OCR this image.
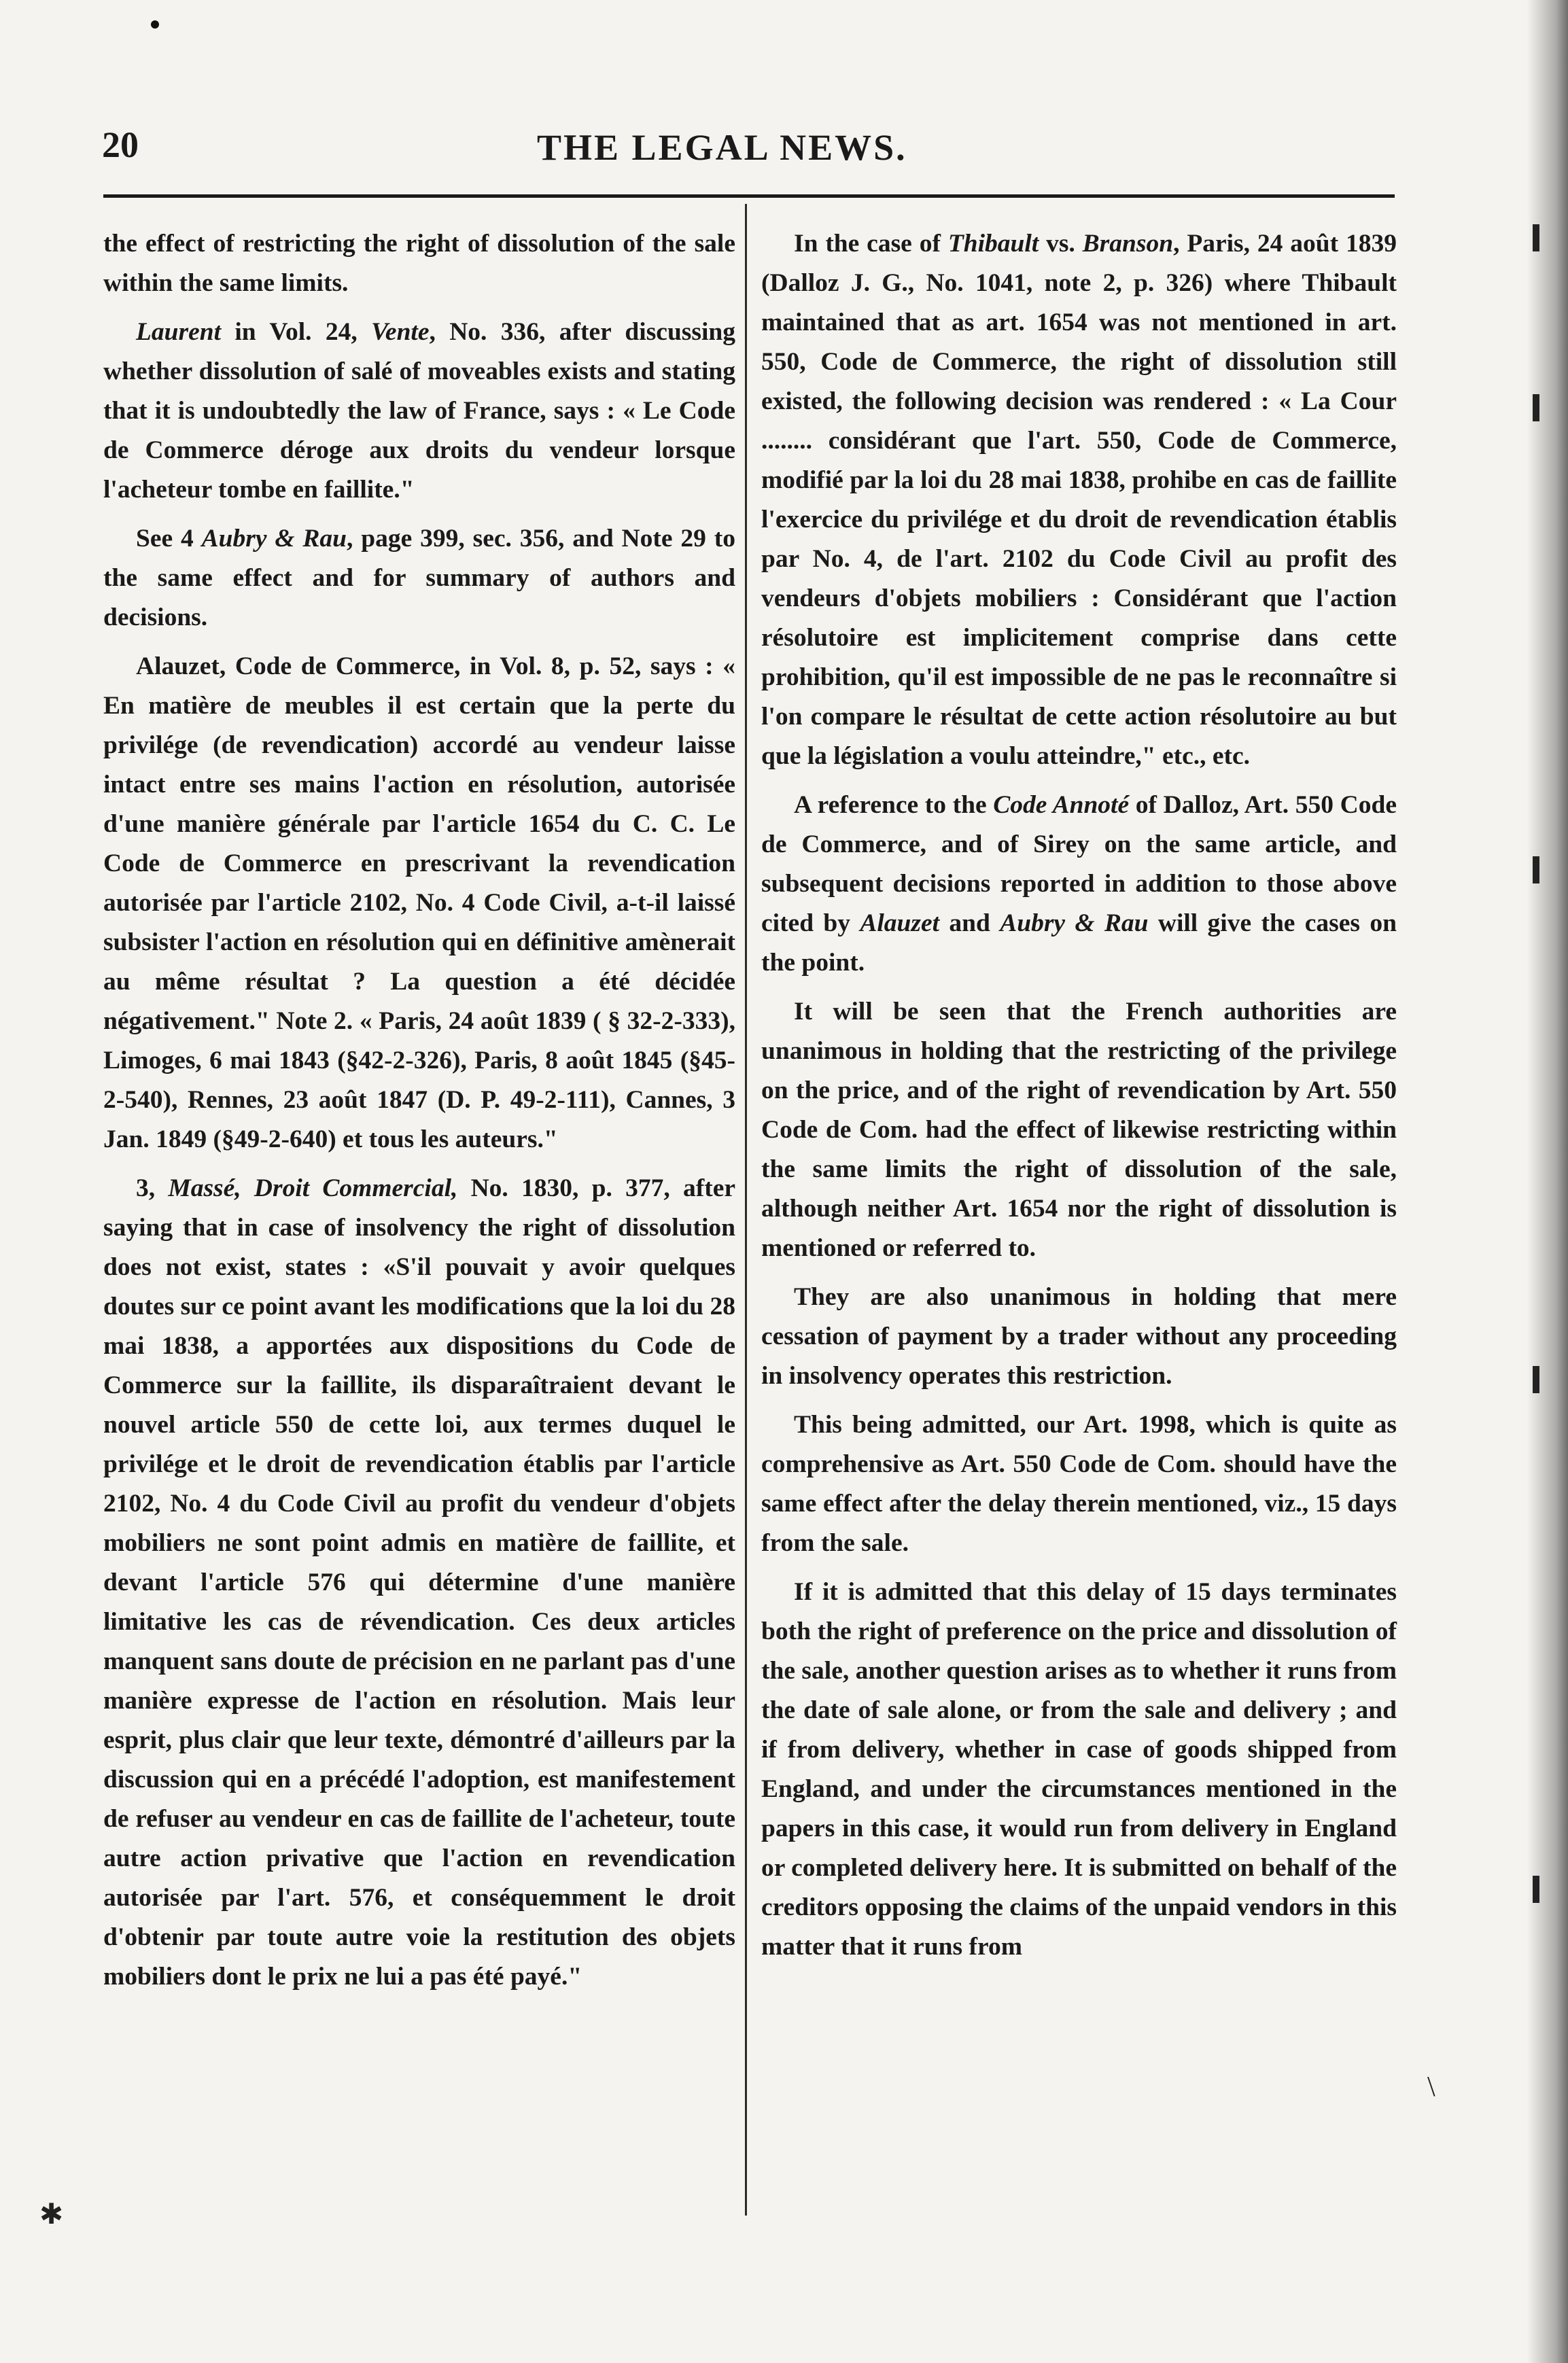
✱
\
20	THE LEGAL NEWS.

the effect of restricting the right of dissolution of the sale within the same limits.

Laurent in Vol. 24, Vente, No. 336, after discussing whether dissolution of salé of moveables exists and stating that it is undoubtedly the law of France, says : « Le Code de Commerce déroge aux droits du vendeur lorsque l'acheteur tombe en faillite."

See 4 Aubry & Rau, page 399, sec. 356, and Note 29 to the same effect and for summary of authors and decisions.

Alauzet, Code de Commerce, in Vol. 8, p. 52, says : « En matière de meubles il est certain que la perte du privilége (de revendication) accordé au vendeur laisse intact entre ses mains l'action en résolution, autorisée d'une manière générale par l'article 1654 du C. C. Le Code de Commerce en prescrivant la revendication autorisée par l'article 2102, No. 4 Code Civil, a-t-il laissé subsister l'action en résolution qui en définitive amènerait au même résultat ? La question a été décidée négativement." Note 2. « Paris, 24 août 1839 ( § 32-2-333), Limoges, 6 mai 1843 (§42-2-326), Paris, 8 août 1845 (§45-2-540), Rennes, 23 août 1847 (D. P. 49-2-111), Cannes, 3 Jan. 1849 (§49-2-640) et tous les auteurs."

3, Massé, Droit Commercial, No. 1830, p. 377, after saying that in case of insolvency the right of dissolution does not exist, states : «S'il pouvait y avoir quelques doutes sur ce point avant les modifications que la loi du 28 mai 1838, a apportées aux dispositions du Code de Commerce sur la faillite, ils disparaîtraient devant le nouvel article 550 de cette loi, aux termes duquel le privilége et le droit de revendication établis par l'article 2102, No. 4 du Code Civil au profit du vendeur d'objets mobiliers ne sont point admis en matière de faillite, et devant l'article 576 qui détermine d'une manière limitative les cas de révendication. Ces deux articles manquent sans doute de précision en ne parlant pas d'une manière expresse de l'action en résolution. Mais leur esprit, plus clair que leur texte, démontré d'ailleurs par la discussion qui en a précédé l'adoption, est manifestement de refuser au vendeur en cas de faillite de l'acheteur, toute autre action privative que l'action en revendication autorisée par l'art. 576, et conséquemment le droit d'obtenir par toute autre voie la restitution des objets mobiliers dont le prix ne lui a pas été payé."

In the case of Thibault vs. Branson, Paris, 24 août 1839 (Dalloz J. G., No. 1041, note 2, p. 326) where Thibault maintained that as art. 1654 was not mentioned in art. 550, Code de Commerce, the right of dissolution still existed, the following decision was rendered : « La Cour ........ considérant que l'art. 550, Code de Commerce, modifié par la loi du 28 mai 1838, prohibe en cas de faillite l'exercice du privilége et du droit de revendication établis par No. 4, de l'art. 2102 du Code Civil au profit des vendeurs d'objets mobiliers : Considérant que l'action résolutoire est implicitement comprise dans cette prohibition, qu'il est impossible de ne pas le reconnaître si l'on compare le résultat de cette action résolutoire au but que la législation a voulu atteindre," etc., etc.

A reference to the Code Annoté of Dalloz, Art. 550 Code de Commerce, and of Sirey on the same article, and subsequent decisions reported in addition to those above cited by Alauzet and Aubry & Rau will give the cases on the point.

It will be seen that the French authorities are unanimous in holding that the restricting of the privilege on the price, and of the right of revendication by Art. 550 Code de Com. had the effect of likewise restricting within the same limits the right of dissolution of the sale, although neither Art. 1654 nor the right of dissolution is mentioned or referred to.

They are also unanimous in holding that mere cessation of payment by a trader without any proceeding in insolvency operates this restriction.

This being admitted, our Art. 1998, which is quite as comprehensive as Art. 550 Code de Com. should have the same effect after the delay therein mentioned, viz., 15 days from the sale.

If it is admitted that this delay of 15 days terminates both the right of preference on the price and dissolution of the sale, another question arises as to whether it runs from the date of sale alone, or from the sale and delivery ; and if from delivery, whether in case of goods shipped from England, and under the circumstances mentioned in the papers in this case, it would run from delivery in England or completed delivery here. It is submitted on behalf of the creditors opposing the claims of the unpaid vendors in this matter that it runs from
